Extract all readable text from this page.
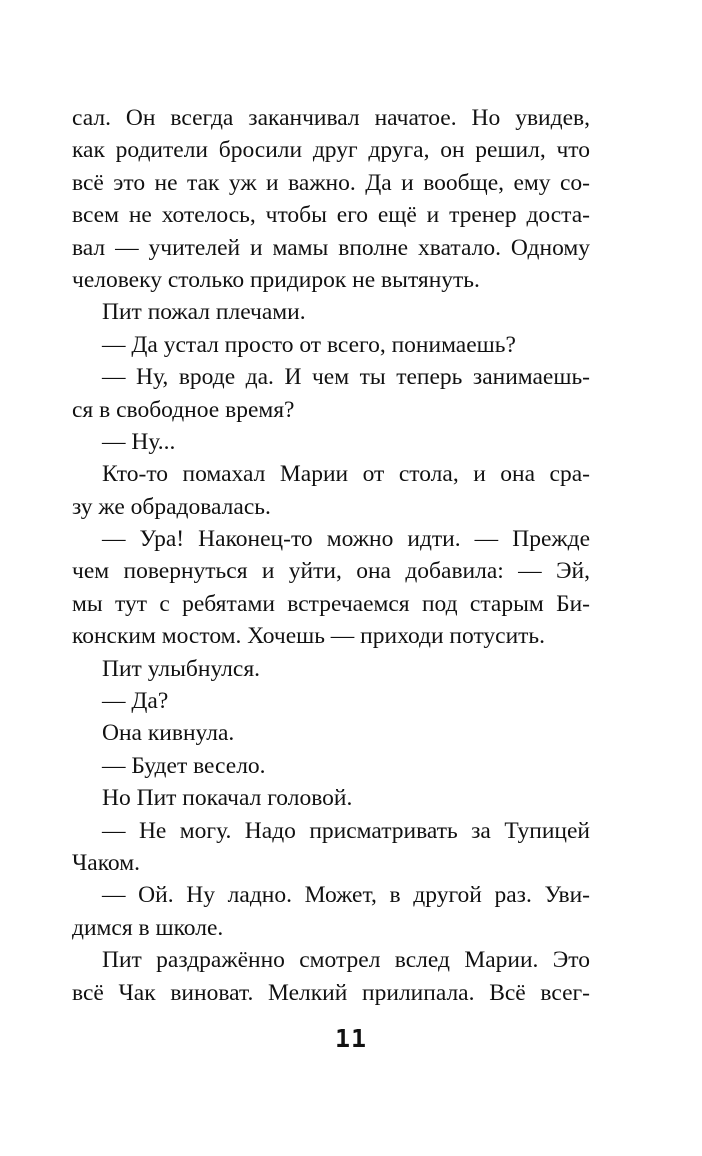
сал. Он всегда заканчивал начатое. Но увидев,
как родители бросили друг друга, он решил, что
всё это не так уж и важно. Да и вообще, ему со-
всем не хотелось, чтобы его ещё и тренер доста-
вал — учителей и мамы вполне хватало. Одному
человеку столько придирок не вытянуть.
Пит пожал плечами.
— Да устал просто от всего, понимаешь?
— Ну, вроде да. И чем ты теперь занимаешь-
ся в свободное время?
— Ну...
Кто-то помахал Марии от стола, и она сра-
зу же обрадовалась.
— Ура! Наконец-то можно идти. — Прежде
чем повернуться и уйти, она добавила: — Эй,
мы тут с ребятами встречаемся под старым Би-
конским мостом. Хочешь — приходи потусить.
Пит улыбнулся.
— Да?
Она кивнула.
— Будет весело.
Но Пит покачал головой.
— Не могу. Надо присматривать за Тупицей
Чаком.
— Ой. Ну ладно. Может, в другой раз. Уви-
димся в школе.
Пит раздражённо смотрел вслед Марии. Это
всё Чак виноват. Мелкий прилипала. Всё всег-
11
